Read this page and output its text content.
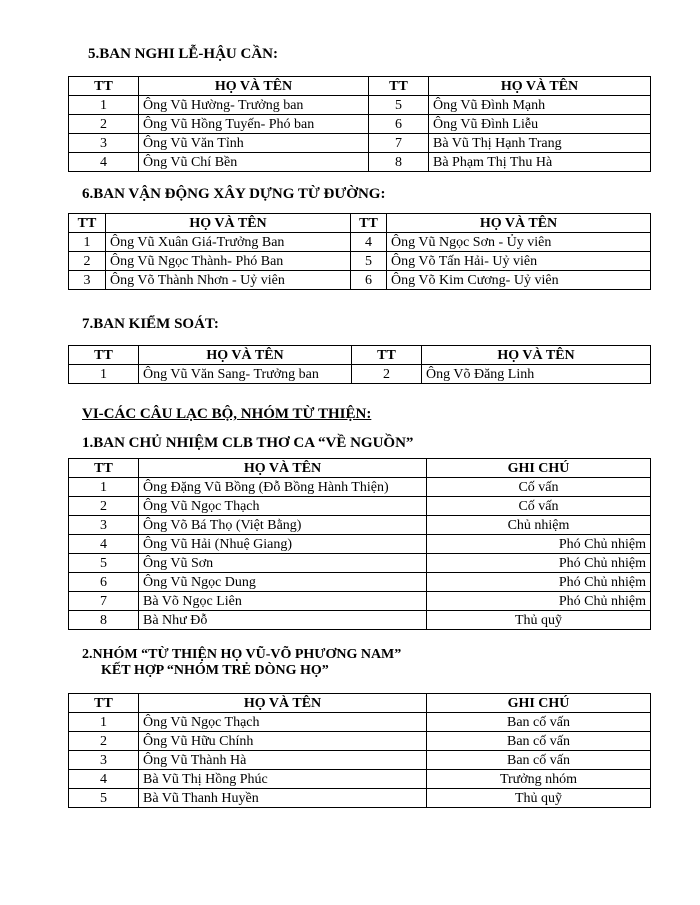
5.BAN NGHI LỄ-HẬU CẦN:
TT	HỌ VÀ TÊN	TT	HỌ VÀ TÊN
1	Ông Vũ Hường- Trưởng ban	5	Ông Vũ Đình Mạnh
2	Ông Vũ Hồng Tuyến- Phó ban	6	Ông Vũ Đình Liễu
3	Ông Vũ Văn Tỉnh	7	Bà Vũ Thị Hạnh Trang
4	Ông Vũ Chí Bền	8	Bà Phạm Thị Thu Hà
6.BAN VẬN ĐỘNG XÂY DỰNG TỪ ĐƯỜNG:
TT	HỌ VÀ TÊN	TT	HỌ VÀ TÊN
1	Ông Vũ Xuân Giá-Trưởng Ban	4	Ông Vũ Ngọc Sơn - Ủy viên
2	Ông Vũ Ngọc Thành- Phó Ban	5	Ông Võ Tấn Hải- Uỷ viên
3	Ông Võ Thành Nhơn - Uỷ viên	6	Ông Võ Kim Cương- Uỷ viên
7.BAN KIỂM SOÁT:
TT	HỌ VÀ TÊN	TT	HỌ VÀ TÊN
1	Ông Vũ Văn Sang- Trưởng ban	2	Ông Võ Đăng Linh
VI-CÁC CÂU LẠC BỘ, NHÓM TỪ THIỆN:
1.BAN CHỦ NHIỆM CLB THƠ CA “VỀ NGUỒN”
TT	HỌ VÀ TÊN	GHI CHÚ
1	Ông Đặng Vũ Bồng (Đỗ Bồng Hành Thiện)	Cố vấn
2	Ông Vũ Ngọc Thạch	Cố vấn
3	Ông Võ Bá Thọ (Việt Bằng)	Chủ nhiệm
4	Ông Vũ Hải (Nhuệ Giang)	Phó Chủ nhiệm
5	Ông Vũ Sơn	Phó Chủ nhiệm
6	Ông Vũ Ngọc Dung	Phó Chủ nhiệm
7	Bà Võ Ngọc Liên	Phó Chủ nhiệm
8	Bà Như Đỗ	Thủ quỹ
2.NHÓM “TỪ THIỆN HỌ VŨ-VÕ PHƯƠNG NAM”
KẾT HỢP “NHÓM TRẺ DÒNG HỌ”
TT	HỌ VÀ TÊN	GHI CHÚ
1	Ông Vũ Ngọc Thạch	Ban cố vấn
2	Ông Vũ Hữu Chính	Ban cố vấn
3	Ông Vũ Thành Hà	Ban cố vấn
4	Bà Vũ Thị Hồng Phúc	Trưởng nhóm
5	Bà Vũ Thanh Huyền	Thủ quỹ
